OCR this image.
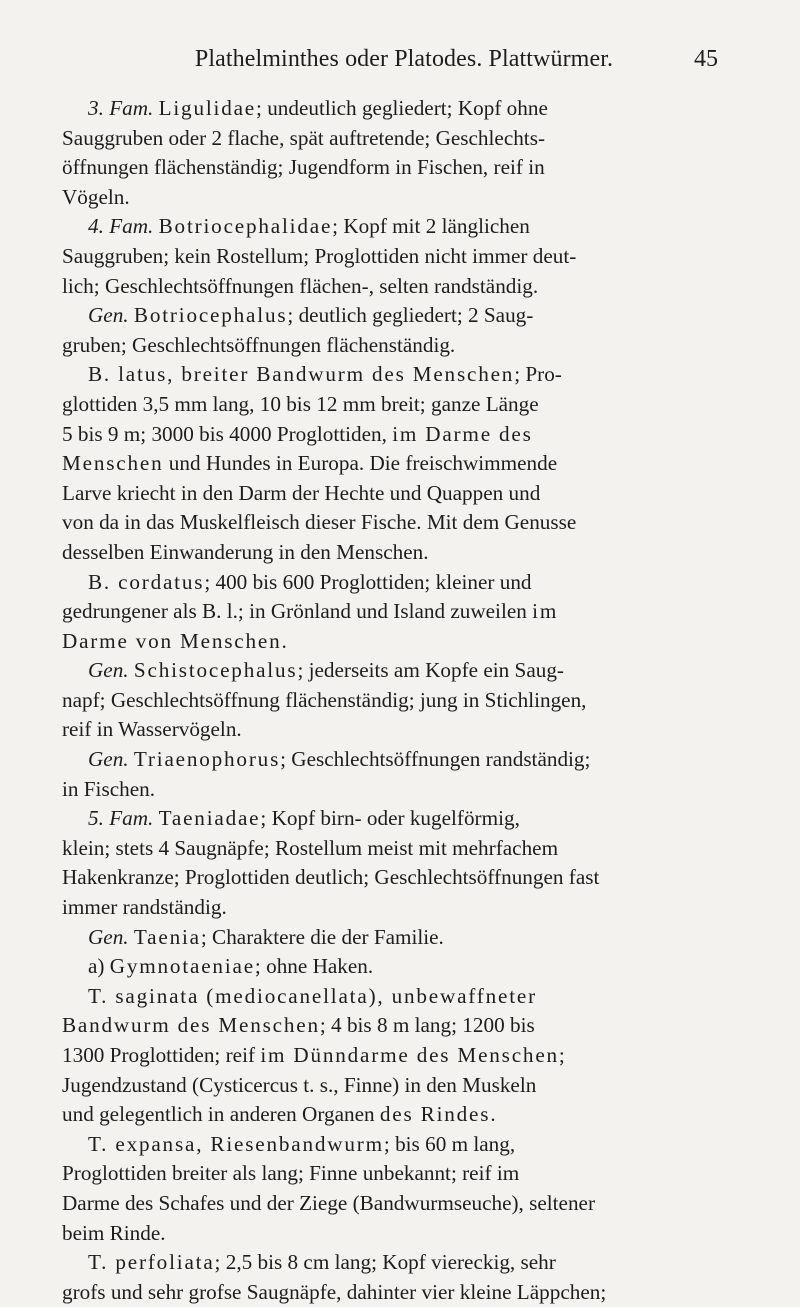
Plathelminthes oder Platodes. Plattwürmer.	45
3. Fam. Ligulidae; undeutlich gegliedert; Kopf ohne
Sauggruben oder 2 flache, spät auftretende; Geschlechts-
öffnungen flächenständig; Jugendform in Fischen, reif in
Vögeln.
4. Fam. Botriocephalidae; Kopf mit 2 länglichen
Sauggruben; kein Rostellum; Proglottiden nicht immer deut-
lich; Geschlechtsöffnungen flächen-, selten randständig.
Gen. Botriocephalus; deutlich gegliedert; 2 Saug-
gruben; Geschlechtsöffnungen flächenständig.
B. latus, breiter Bandwurm des Menschen; Pro-
glottiden 3,5 mm lang, 10 bis 12 mm breit; ganze Länge
5 bis 9 m; 3000 bis 4000 Proglottiden, im Darme des
Menschen und Hundes in Europa. Die freischwimmende
Larve kriecht in den Darm der Hechte und Quappen und
von da in das Muskelfleisch dieser Fische. Mit dem Genusse
desselben Einwanderung in den Menschen.
B. cordatus; 400 bis 600 Proglottiden; kleiner und
gedrungener als B. l.; in Grönland und Island zuweilen im
Darme von Menschen.
Gen. Schistocephalus; jederseits am Kopfe ein Saug-
napf; Geschlechtsöffnung flächenständig; jung in Stichlingen,
reif in Wasservögeln.
Gen. Triaenophorus; Geschlechtsöffnungen randständig;
in Fischen.
5. Fam. Taeniadae; Kopf birn- oder kugelförmig,
klein; stets 4 Saugnäpfe; Rostellum meist mit mehrfachem
Hakenkranze; Proglottiden deutlich; Geschlechtsöffnungen fast
immer randständig.
Gen. Taenia; Charaktere die der Familie.
a) Gymnotaeniae; ohne Haken.
T. saginata (mediocanellata), unbewaffneter
Bandwurm des Menschen; 4 bis 8 m lang; 1200 bis
1300 Proglottiden; reif im Dünndarme des Menschen;
Jugendzustand (Cysticercus t. s., Finne) in den Muskeln
und gelegentlich in anderen Organen des Rindes.
T. expansa, Riesenbandwurm; bis 60 m lang,
Proglottiden breiter als lang; Finne unbekannt; reif im
Darme des Schafes und der Ziege (Bandwurmseuche), seltener
beim Rinde.
T. perfoliata; 2,5 bis 8 cm lang; Kopf viereckig, sehr
grofs und sehr grofse Saugnäpfe, dahinter vier kleine Läppchen;
